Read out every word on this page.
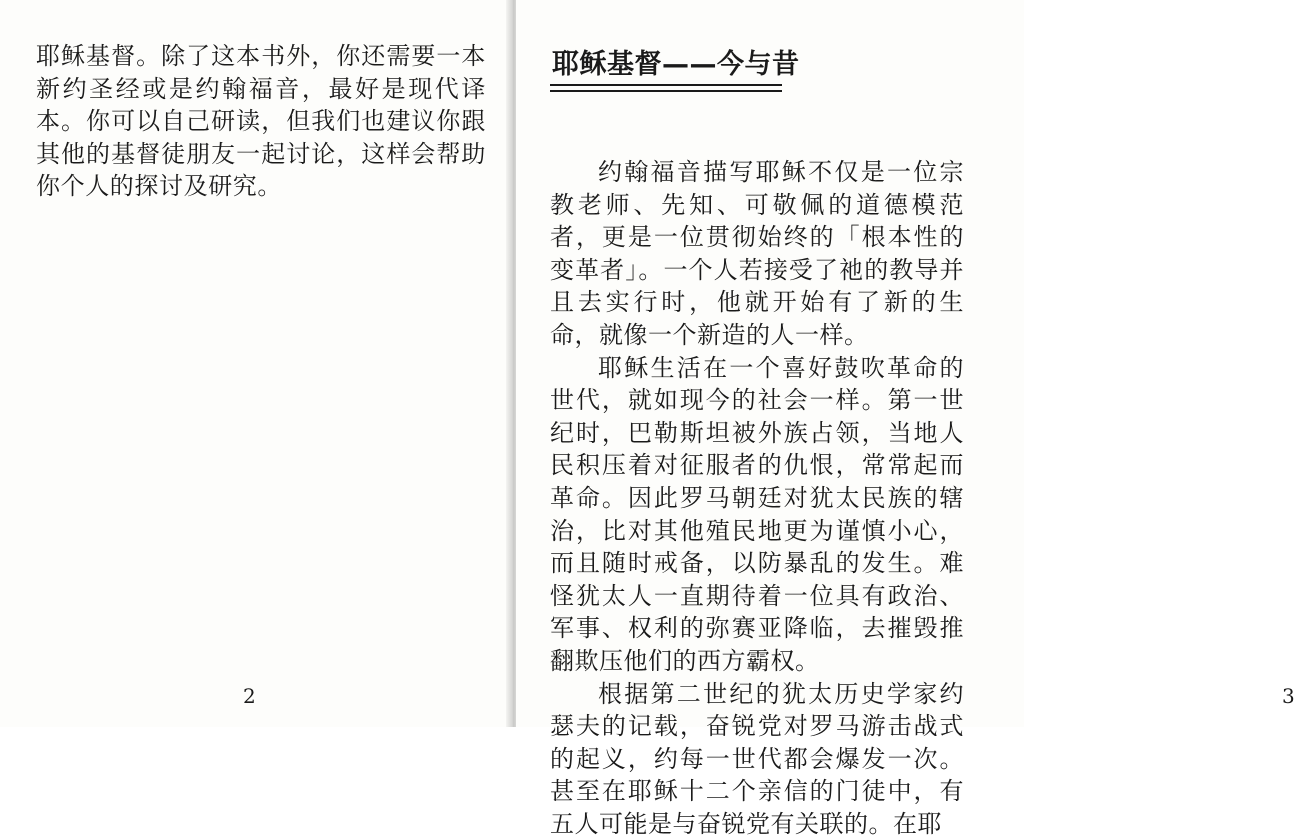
耶稣基督。除了这本书外，你还需要一本新约圣经或是约翰福音，最好是现代译本。你可以自己研读，但我们也建议你跟其他的基督徒朋友一起讨论，这样会帮助你个人的探讨及研究。

2	3
耶稣基督——今与昔

约翰福音描写耶稣不仅是一位宗教老师、先知、可敬佩的道德模范者，更是一位贯彻始终的「根本性的变革者」。一个人若接受了祂的教导并且去实行时，他就开始有了新的生命，就像一个新造的人一样。

耶稣生活在一个喜好鼓吹革命的世代，就如现今的社会一样。第一世纪时，巴勒斯坦被外族占领，当地人民积压着对征服者的仇恨，常常起而革命。因此罗马朝廷对犹太民族的辖治，比对其他殖民地更为谨慎小心，而且随时戒备，以防暴乱的发生。难怪犹太人一直期待着一位具有政治、军事、权利的弥赛亚降临，去摧毁推翻欺压他们的西方霸权。

根据第二世纪的犹太历史学家约瑟夫的记载，奋锐党对罗马游击战式的起义，约每一世代都会爆发一次。甚至在耶稣十二个亲信的门徒中，有五人可能是与奋锐党有关联的。在耶
